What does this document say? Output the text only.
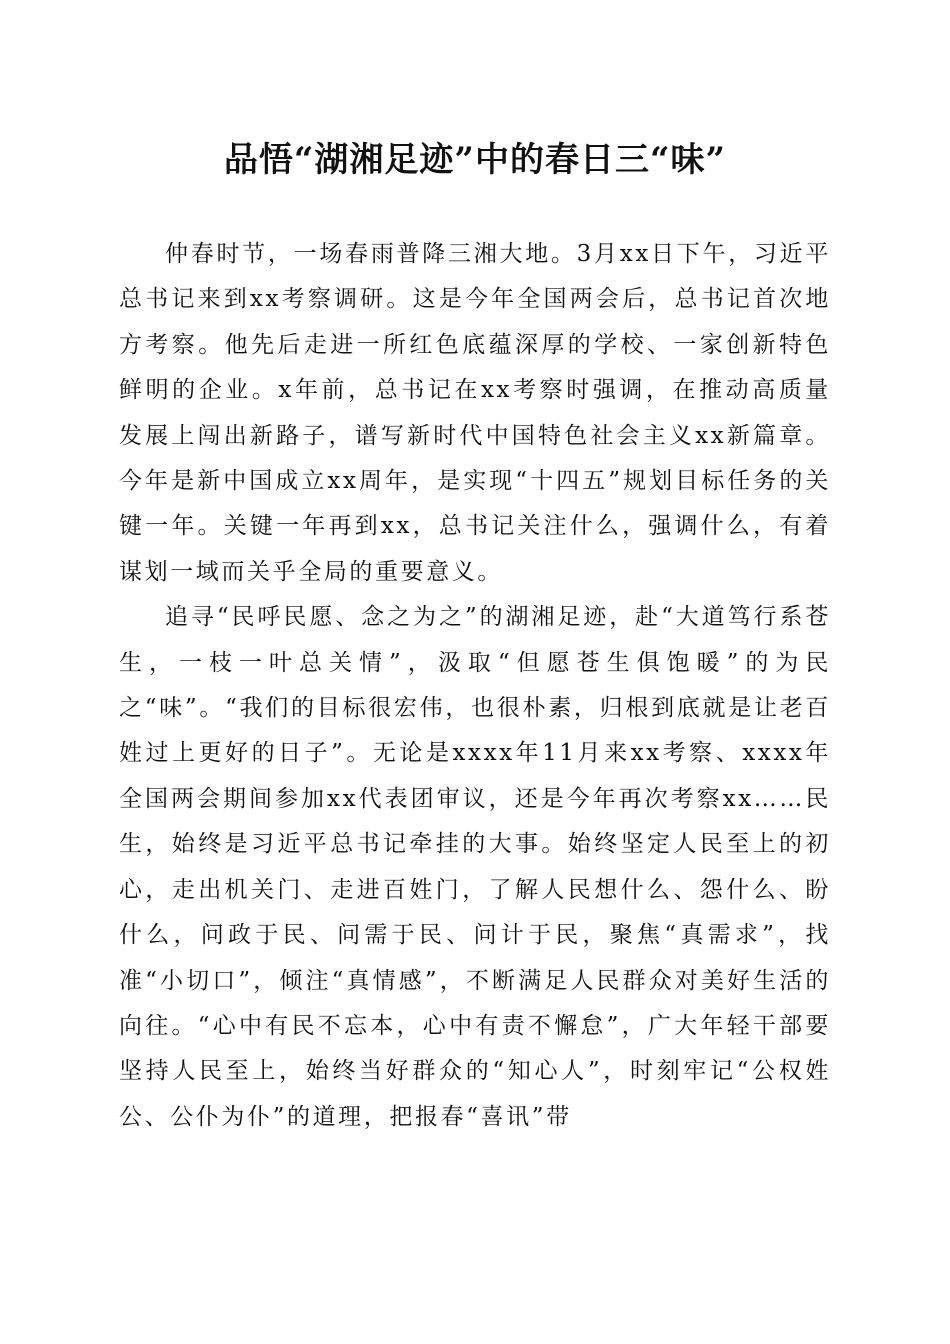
品悟“湖湘足迹”中的春日三“味”

仲春时节，一场春雨普降三湘大地。3月xx日下午，习近平总书记来到xx考察调研。这是今年全国两会后，总书记首次地方考察。他先后走进一所红色底蕴深厚的学校、一家创新特色鲜明的企业。x年前，总书记在xx考察时强调，在推动高质量发展上闯出新路子，谱写新时代中国特色社会主义xx新篇章。今年是新中国成立xx周年，是实现“十四五”规划目标任务的关键一年。关键一年再到xx，总书记关注什么，强调什么，有着谋划一域而关乎全局的重要意义。

追寻“民呼民愿、念之为之”的湖湘足迹，赴“大道笃行系苍生，一枝一叶总关情”，汲取“但愿苍生俱饱暖”的为民之“味”。“我们的目标很宏伟，也很朴素，归根到底就是让老百姓过上更好的日子”。无论是xxxx年11月来xx考察、xxxx年全国两会期间参加xx代表团审议，还是今年再次考察xx……民生，始终是习近平总书记牵挂的大事。始终坚定人民至上的初心，走出机关门、走进百姓门，了解人民想什么、怨什么、盼什么，问政于民、问需于民、问计于民，聚焦“真需求”，找准“小切口”，倾注“真情感”，不断满足人民群众对美好生活的向往。“心中有民不忘本，心中有责不懈怠”，广大年轻干部要坚持人民至上，始终当好群众的“知心人”，时刻牢记“公权姓公、公仆为仆”的道理，把报春“喜讯”带
